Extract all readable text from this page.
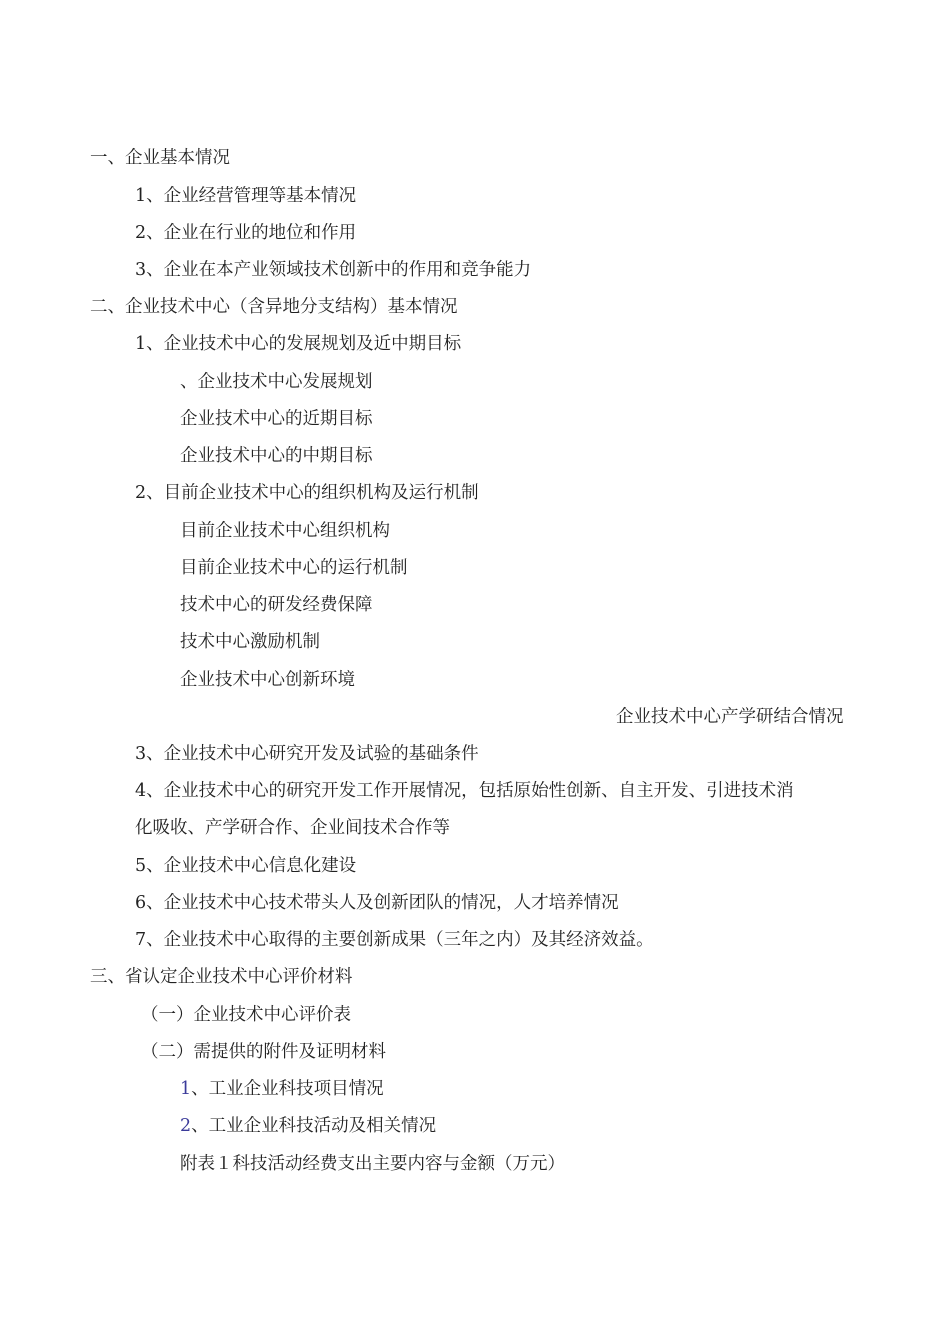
一、企业基本情况
1、企业经营管理等基本情况
2、企业在行业的地位和作用
3、企业在本产业领域技术创新中的作用和竞争能力
二、企业技术中心（含异地分支结构）基本情况
1、企业技术中心的发展规划及近中期目标
、企业技术中心发展规划
企业技术中心的近期目标
企业技术中心的中期目标
2、目前企业技术中心的组织机构及运行机制
目前企业技术中心组织机构
目前企业技术中心的运行机制
技术中心的研发经费保障
技术中心激励机制
企业技术中心创新环境
企业技术中心产学研结合情况
3、企业技术中心研究开发及试验的基础条件
4、企业技术中心的研究开发工作开展情况，包括原始性创新、自主开发、引进技术消
化吸收、产学研合作、企业间技术合作等
5、企业技术中心信息化建设
6、企业技术中心技术带头人及创新团队的情况，人才培养情况
7、企业技术中心取得的主要创新成果（三年之内）及其经济效益。
三、省认定企业技术中心评价材料
（一）企业技术中心评价表
（二）需提供的附件及证明材料
1、工业企业科技项目情况
2、工业企业科技活动及相关情况
附表１科技活动经费支出主要内容与金额（万元）
